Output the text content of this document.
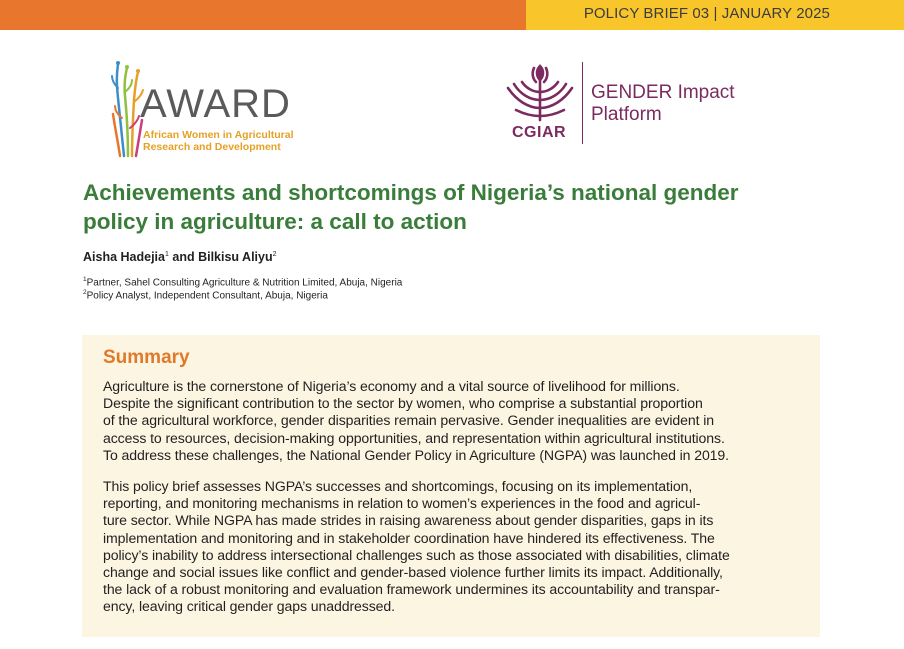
POLICY BRIEF 03 | JANUARY 2025
AWARD
African Women in Agricultural
Research and Development
CGIAR
GENDER Impact
Platform
Achievements and shortcomings of Nigeria’s national gender
policy in agriculture: a call to action
Aisha Hadejia$^1$ and Bilkisu Aliyu$^2$
$^1$Partner, Sahel Consulting Agriculture & Nutrition Limited, Abuja, Nigeria
$^2$Policy Analyst, Independent Consultant, Abuja, Nigeria
Summary

Agriculture is the cornerstone of Nigeria’s economy and a vital source of livelihood for millions.
Despite the significant contribution to the sector by women, who comprise a substantial proportion
of the agricultural workforce, gender disparities remain pervasive. Gender inequalities are evident in
access to resources, decision-making opportunities, and representation within agricultural institutions.
To address these challenges, the National Gender Policy in Agriculture (NGPA) was launched in 2019.

This policy brief assesses NGPA’s successes and shortcomings, focusing on its implementation,
reporting, and monitoring mechanisms in relation to women’s experiences in the food and agricul-
ture sector. While NGPA has made strides in raising awareness about gender disparities, gaps in its
implementation and monitoring and in stakeholder coordination have hindered its effectiveness. The
policy’s inability to address intersectional challenges such as those associated with disabilities, climate
change and social issues like conflict and gender-based violence further limits its impact. Additionally,
the lack of a robust monitoring and evaluation framework undermines its accountability and transpar-
ency, leaving critical gender gaps unaddressed.
